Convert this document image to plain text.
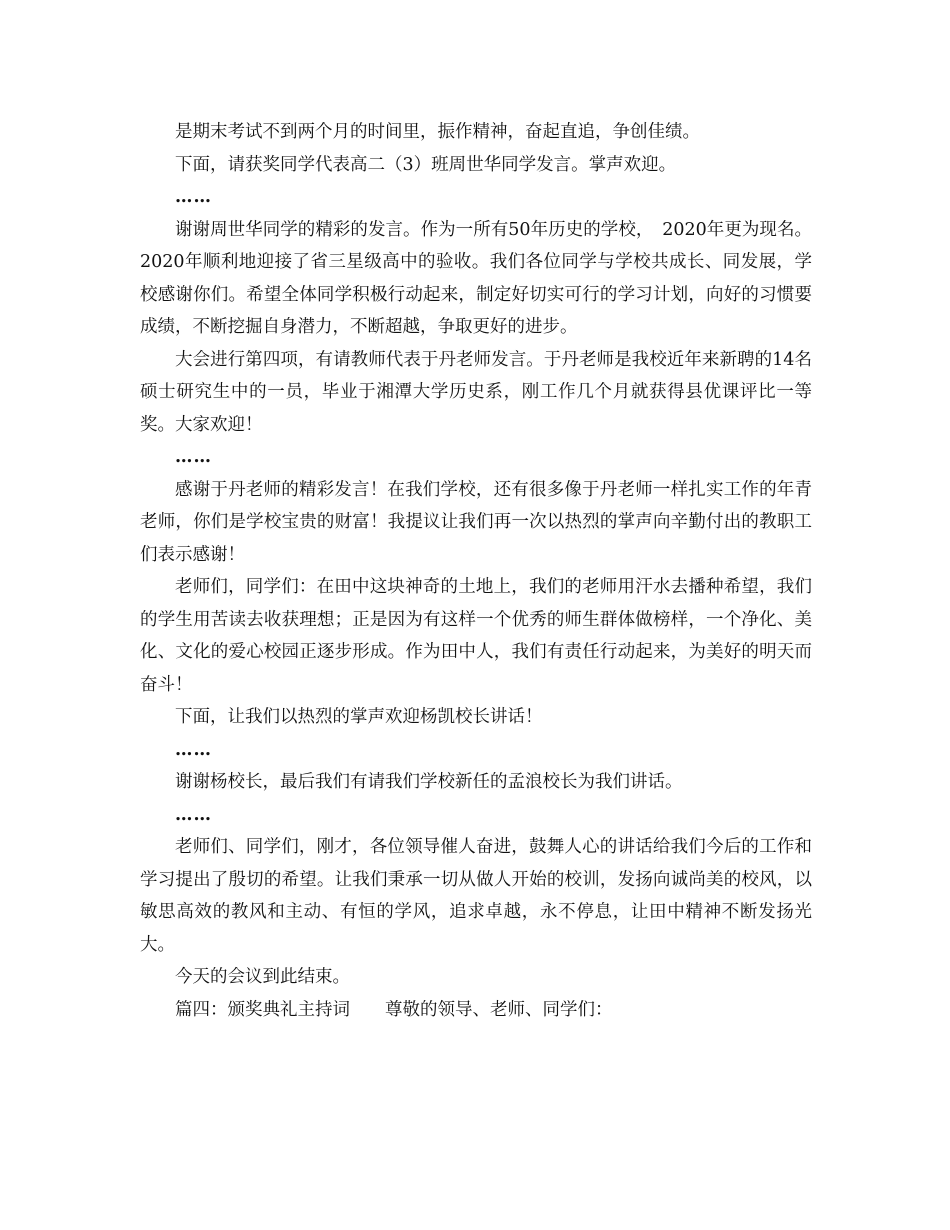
是期末考试不到两个月的时间里，振作精神，奋起直追，争创佳绩。

下面，请获奖同学代表高二（3）班周世华同学发言。掌声欢迎。

……

谢谢周世华同学的精彩的发言。作为一所有50年历史的学校，　2020年更为现名。2020年顺利地迎接了省三星级高中的验收。我们各位同学与学校共成长、同发展，学校感谢你们。希望全体同学积极行动起来，制定好切实可行的学习计划，向好的习惯要成绩，不断挖掘自身潜力，不断超越，争取更好的进步。

大会进行第四项，有请教师代表于丹老师发言。于丹老师是我校近年来新聘的14名硕士研究生中的一员，毕业于湘潭大学历史系，刚工作几个月就获得县优课评比一等奖。大家欢迎！

……

感谢于丹老师的精彩发言！在我们学校，还有很多像于丹老师一样扎实工作的年青老师，你们是学校宝贵的财富！我提议让我们再一次以热烈的掌声向辛勤付出的教职工们表示感谢！

老师们，同学们：在田中这块神奇的土地上，我们的老师用汗水去播种希望，我们的学生用苦读去收获理想；正是因为有这样一个优秀的师生群体做榜样，一个净化、美化、文化的爱心校园正逐步形成。作为田中人，我们有责任行动起来，为美好的明天而奋斗！

下面，让我们以热烈的掌声欢迎杨凯校长讲话！

……

谢谢杨校长，最后我们有请我们学校新任的孟浪校长为我们讲话。

……

老师们、同学们，刚才，各位领导催人奋进，鼓舞人心的讲话给我们今后的工作和学习提出了殷切的希望。让我们秉承一切从做人开始的校训，发扬向诚尚美的校风，以敏思高效的教风和主动、有恒的学风，追求卓越，永不停息，让田中精神不断发扬光大。

今天的会议到此结束。

篇四：颁奖典礼主持词　　尊敬的领导、老师、同学们：
